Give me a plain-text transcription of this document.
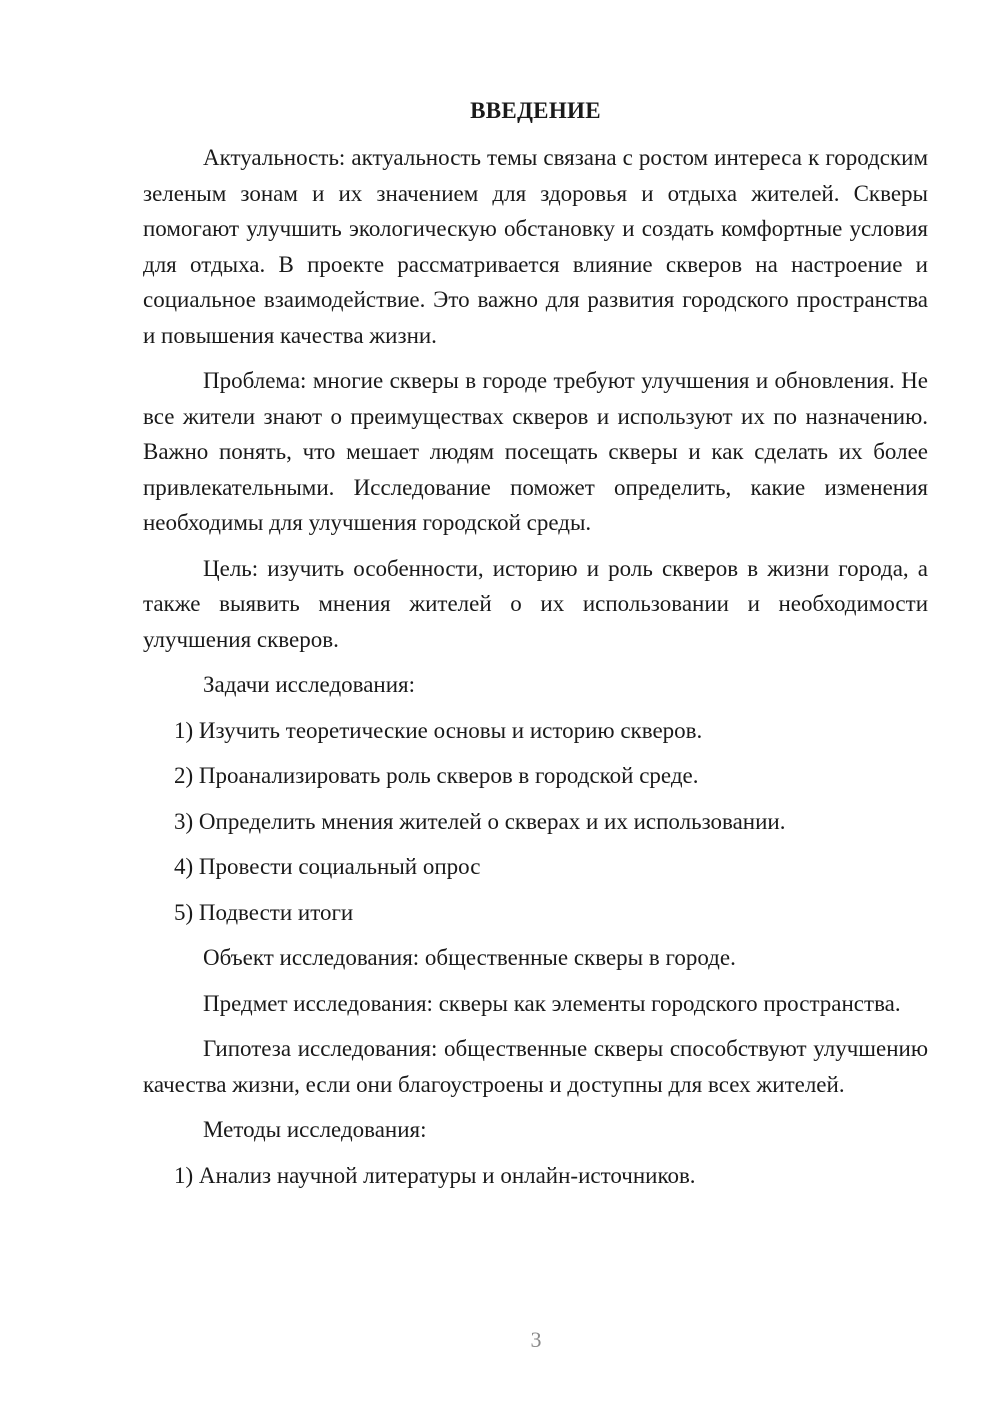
ВВЕДЕНИЕ

Актуальность: актуальность темы связана с ростом интереса к городским зеленым зонам и их значением для здоровья и отдыха жителей. Скверы помогают улучшить экологическую обстановку и создать комфортные условия для отдыха. В проекте рассматривается влияние скверов на настроение и социальное взаимодействие. Это важно для развития городского пространства и повышения качества жизни.

Проблема: многие скверы в городе требуют улучшения и обновления. Не все жители знают о преимуществах скверов и используют их по назначению. Важно понять, что мешает людям посещать скверы и как сделать их более привлекательными. Исследование поможет определить, какие изменения необходимы для улучшения городской среды.

Цель: изучить особенности, историю и роль скверов в жизни города, а также выявить мнения жителей о их использовании и необходимости улучшения скверов.

Задачи исследования:

1) Изучить теоретические основы и историю скверов.

2) Проанализировать роль скверов в городской среде.

3) Определить мнения жителей о скверах и их использовании.

4) Провести социальный опрос

5) Подвести итоги

Объект исследования: общественные скверы в городе.

Предмет исследования: скверы как элементы городского пространства.

Гипотеза исследования: общественные скверы способствуют улучшению качества жизни, если они благоустроены и доступны для всех жителей.

Методы исследования:

1) Анализ научной литературы и онлайн-источников.

3
